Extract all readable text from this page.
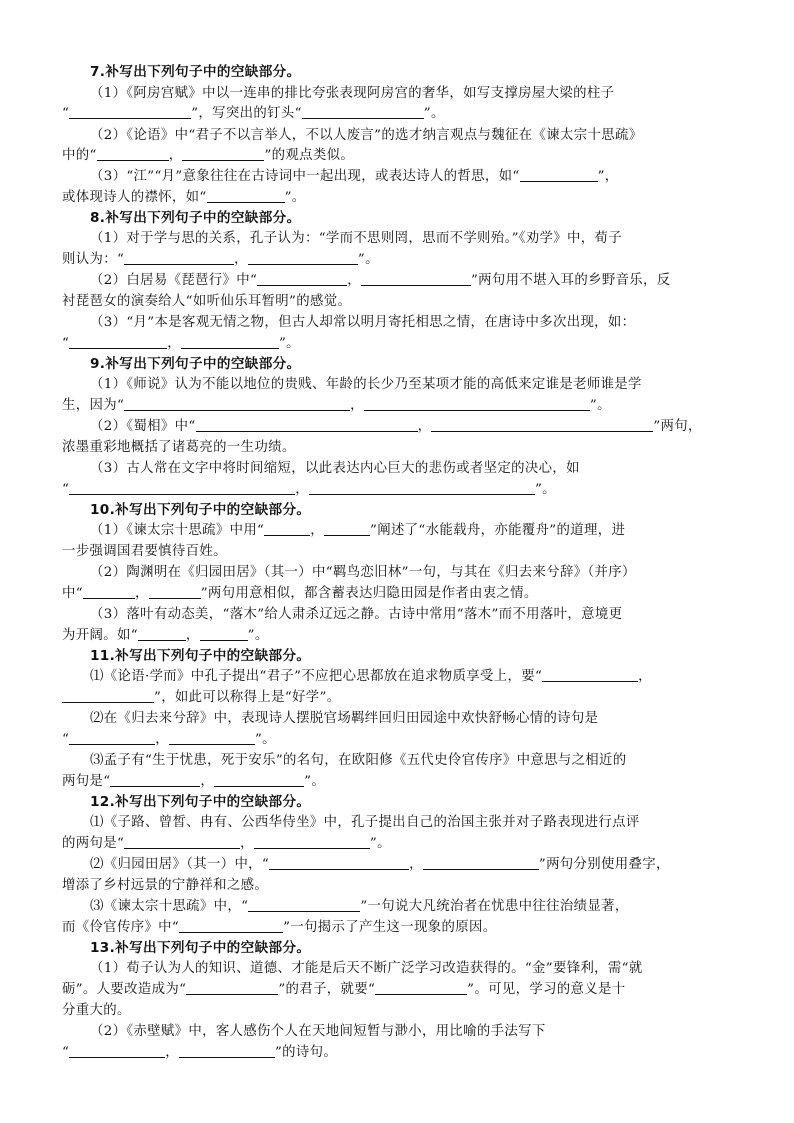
7.补写出下列句子中的空缺部分。
（1）《阿房宫赋》中以一连串的排比夸张表现阿房宫的奢华，如写支撑房屋大梁的柱子
“	”，写突出的钉头“	”。
（2）《论语》中“君子不以言举人，不以人废言”的选才纳言观点与魏征在《谏太宗十思疏》
中的“	，	”的观点类似。
（3）“江”“月”意象往往在古诗词中一起出现，或表达诗人的哲思，如“	”，
或体现诗人的襟怀，如“	”。
8.补写出下列句子中的空缺部分。
（1）对于学与思的关系，孔子认为：“学而不思则罔，思而不学则殆。”《劝学》中，荀子
则认为：“	，	”。
（2）白居易《琵琶行》中“	，	”两句用不堪入耳的乡野音乐，反
衬琵琶女的演奏给人“如听仙乐耳暂明”的感觉。
（3）“月”本是客观无情之物，但古人却常以明月寄托相思之情，在唐诗中多次出现，如：
“	，	”。
9.补写出下列句子中的空缺部分。
（1）《师说》认为不能以地位的贵贱、年龄的长少乃至某项才能的高低来定谁是老师谁是学
生，因为“	，	”。
（2）《蜀相》中“	，	”两句，
浓墨重彩地概括了诸葛亮的一生功绩。
（3）古人常在文字中将时间缩短，以此表达内心巨大的悲伤或者坚定的决心，如
“	，	”。
10.补写出下列句子中的空缺部分。
（1）《谏太宗十思疏》中用“	，	”阐述了“水能载舟，亦能覆舟”的道理，进
一步强调国君要慎待百姓。
（2）陶渊明在《归园田居》（其一）中“羁鸟恋旧林”一句，与其在《归去来兮辞》（并序）
中“	，	”两句用意相似，都含蓄表达归隐田园是作者由衷之情。
（3）落叶有动态美，“落木”给人肃杀辽远之静。古诗中常用“落木”而不用落叶，意境更
为开阔。如“	，	”。
11.补写出下列句子中的空缺部分。
⑴《论语·学而》中孔子提出“君子”不应把心思都放在追求物质享受上，要“	，
”，如此可以称得上是“好学”。
⑵在《归去来兮辞》中，表现诗人摆脱官场羁绊回归田园途中欢快舒畅心情的诗句是
“	，	”。
⑶孟子有“生于忧患，死于安乐”的名句，在欧阳修《五代史伶官传序》中意思与之相近的
两句是“	，	”。
12.补写出下列句子中的空缺部分。
⑴《子路、曾皙、冉有、公西华侍坐》中，孔子提出自己的治国主张并对子路表现进行点评
的两句是“	，	”。
⑵《归园田居》（其一）中，“	，	”两句分别使用叠字，
增添了乡村远景的宁静祥和之感。
⑶《谏太宗十思疏》中，“	”一句说大凡统治者在忧患中往往治绩显著，
而《伶官传序》中“	”一句揭示了产生这一现象的原因。
13.补写出下列句子中的空缺部分。
（1）荀子认为人的知识、道德、才能是后天不断广泛学习改造获得的。“金”要锋利，需“就
砺”。人要改造成为“	”的君子，就要“	”。可见，学习的意义是十
分重大的。
（2）《赤壁赋》中，客人感伤个人在天地间短暂与渺小，用比喻的手法写下
“	，	”的诗句。
